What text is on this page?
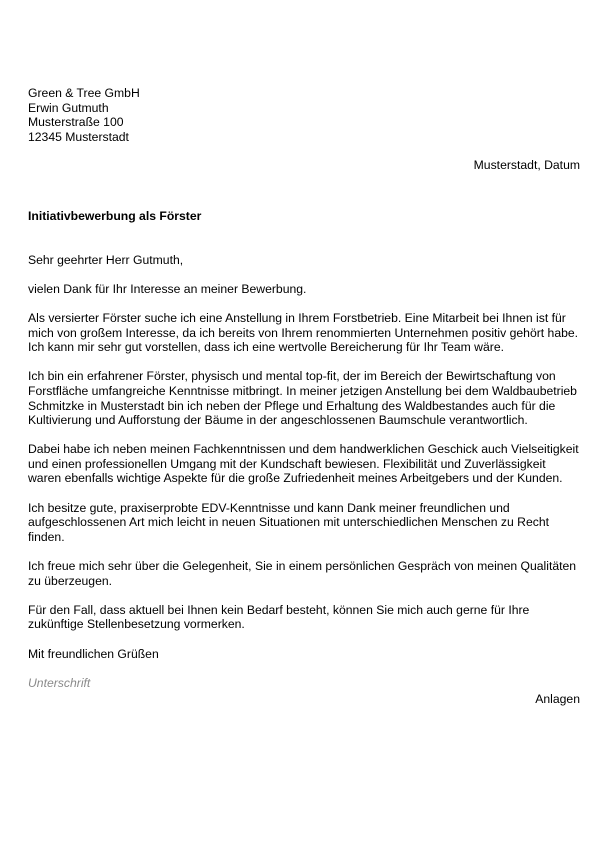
Green & Tree GmbH
Erwin Gutmuth
Musterstraße 100
12345 Musterstadt
Musterstadt, Datum
Initiativbewerbung als Förster
Sehr geehrter Herr Gutmuth,
vielen Dank für Ihr Interesse an meiner Bewerbung.
Als versierter Förster suche ich eine Anstellung in Ihrem Forstbetrieb. Eine Mitarbeit bei Ihnen ist für mich von großem Interesse, da ich bereits von Ihrem renommierten Unternehmen positiv gehört habe. Ich kann mir sehr gut vorstellen, dass ich eine wertvolle Bereicherung für Ihr Team wäre.
Ich bin ein erfahrener Förster, physisch und mental top-fit, der im Bereich der Bewirtschaftung von Forstfläche umfangreiche Kenntnisse mitbringt. In meiner jetzigen Anstellung bei dem Waldbaubetrieb Schmitzke in Musterstadt bin ich neben der Pflege und Erhaltung des Waldbestandes auch für die Kultivierung und Aufforstung der Bäume in der angeschlossenen Baumschule verantwortlich.
Dabei habe ich neben meinen Fachkenntnissen und dem handwerklichen Geschick auch Vielseitigkeit und einen professionellen Umgang mit der Kundschaft bewiesen. Flexibilität und Zuverlässigkeit waren ebenfalls wichtige Aspekte für die große Zufriedenheit meines Arbeitgebers und der Kunden.
Ich besitze gute, praxiserprobte EDV-Kenntnisse und kann Dank meiner freundlichen und aufgeschlossenen Art mich leicht in neuen Situationen mit unterschiedlichen Menschen zu Recht finden.
Ich freue mich sehr über die Gelegenheit, Sie in einem persönlichen Gespräch von meinen Qualitäten zu überzeugen.
Für den Fall, dass aktuell bei Ihnen kein Bedarf besteht, können Sie mich auch gerne für Ihre zukünftige Stellenbesetzung vormerken.
Mit freundlichen Grüßen
Unterschrift
Anlagen
